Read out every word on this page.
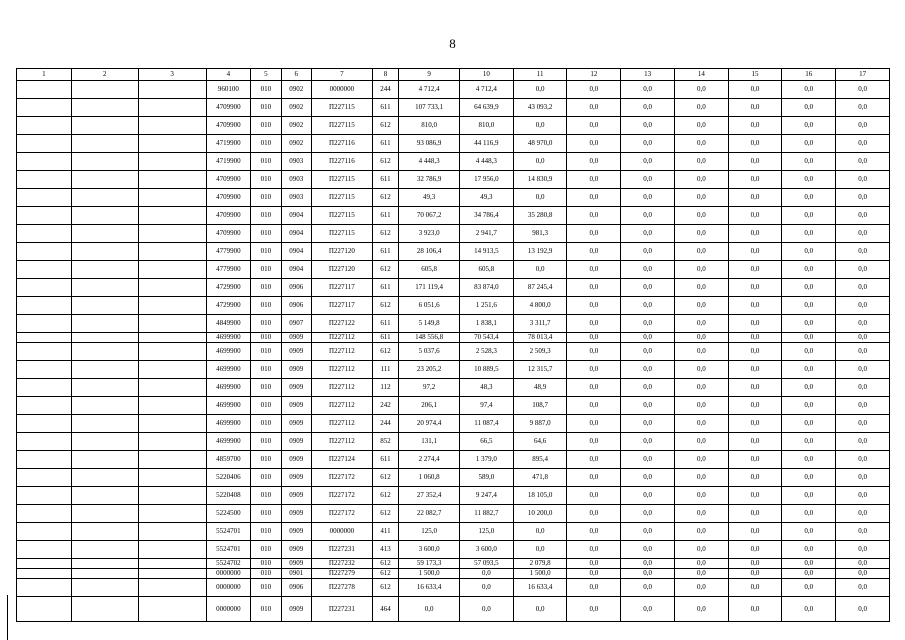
8
1	2	3	4	5	6	7	8	9	10	11	12	13	14	15	16	17
			960100	010	0902	0000000	244	4 712,4	4 712,4	0,0	0,0	0,0	0,0	0,0	0,0	0,0
			4709900	010	0902	П227115	611	107 733,1	64 639,9	43 093,2	0,0	0,0	0,0	0,0	0,0	0,0
			4709900	010	0902	П227115	612	810,0	810,0	0,0	0,0	0,0	0,0	0,0	0,0	0,0
			4719900	010	0902	П227116	611	93 086,9	44 116,9	48 970,0	0,0	0,0	0,0	0,0	0,0	0,0
			4719900	010	0903	П227116	612	4 448,3	4 448,3	0,0	0,0	0,0	0,0	0,0	0,0	0,0
			4709900	010	0903	П227115	611	32 786,9	17 956,0	14 830,9	0,0	0,0	0,0	0,0	0,0	0,0
			4709900	010	0903	П227115	612	49,3	49,3	0,0	0,0	0,0	0,0	0,0	0,0	0,0
			4709900	010	0904	П227115	611	70 067,2	34 786,4	35 280,8	0,0	0,0	0,0	0,0	0,0	0,0
			4709900	010	0904	П227115	612	3 923,0	2 941,7	981,3	0,0	0,0	0,0	0,0	0,0	0,0
			4779900	010	0904	П227120	611	28 106,4	14 913,5	13 192,9	0,0	0,0	0,0	0,0	0,0	0,0
			4779900	010	0904	П227120	612	605,8	605,8	0,0	0,0	0,0	0,0	0,0	0,0	0,0
			4729900	010	0906	П227117	611	171 119,4	83 874,0	87 245,4	0,0	0,0	0,0	0,0	0,0	0,0
			4729900	010	0906	П227117	612	6 051,6	1 251,6	4 800,0	0,0	0,0	0,0	0,0	0,0	0,0
			4849900	010	0907	П227122	611	5 149,8	1 838,1	3 311,7	0,0	0,0	0,0	0,0	0,0	0,0
			4699900	010	0909	П227112	611	148 556,8	70 543,4	78 013,4	0,0	0,0	0,0	0,0	0,0	0,0
			4699900	010	0909	П227112	612	5 037,6	2 528,3	2 509,3	0,0	0,0	0,0	0,0	0,0	0,0
			4699900	010	0909	П227112	111	23 205,2	10 889,5	12 315,7	0,0	0,0	0,0	0,0	0,0	0,0
			4699900	010	0909	П227112	112	97,2	48,3	48,9	0,0	0,0	0,0	0,0	0,0	0,0
			4699900	010	0909	П227112	242	206,1	97,4	108,7	0,0	0,0	0,0	0,0	0,0	0,0
			4699900	010	0909	П227112	244	20 974,4	11 087,4	9 887,0	0,0	0,0	0,0	0,0	0,0	0,0
			4699900	010	0909	П227112	852	131,1	66,5	64,6	0,0	0,0	0,0	0,0	0,0	0,0
			4859700	010	0909	П227124	611	2 274,4	1 379,0	895,4	0,0	0,0	0,0	0,0	0,0	0,0
			5220406	010	0909	П227172	612	1 060,8	589,0	471,8	0,0	0,0	0,0	0,0	0,0	0,0
			5220408	010	0909	П227172	612	27 352,4	9 247,4	18 105,0	0,0	0,0	0,0	0,0	0,0	0,0
			5224500	010	0909	П227172	612	22 082,7	11 882,7	10 200,0	0,0	0,0	0,0	0,0	0,0	0,0
			5524701	010	0909	0000000	411	125,0	125,0	0,0	0,0	0,0	0,0	0,0	0,0	0,0
			5524701	010	0909	П227231	413	3 600,0	3 600,0	0,0	0,0	0,0	0,0	0,0	0,0	0,0
			5524702	010	0909	П227232	612	59 173,3	57 093,5	2 079,8	0,0	0,0	0,0	0,0	0,0	0,0
			0000000	010	0901	П227279	612	1 500,0	0,0	1 500,0	0,0	0,0	0,0	0,0	0,0	0,0
			0000000	010	0906	П227278	612	16 633,4	0,0	16 633,4	0,0	0,0	0,0	0,0	0,0	0,0
			0000000	010	0909	П227231	464	0,0	0,0	0,0	0,0	0,0	0,0	0,0	0,0	0,0
